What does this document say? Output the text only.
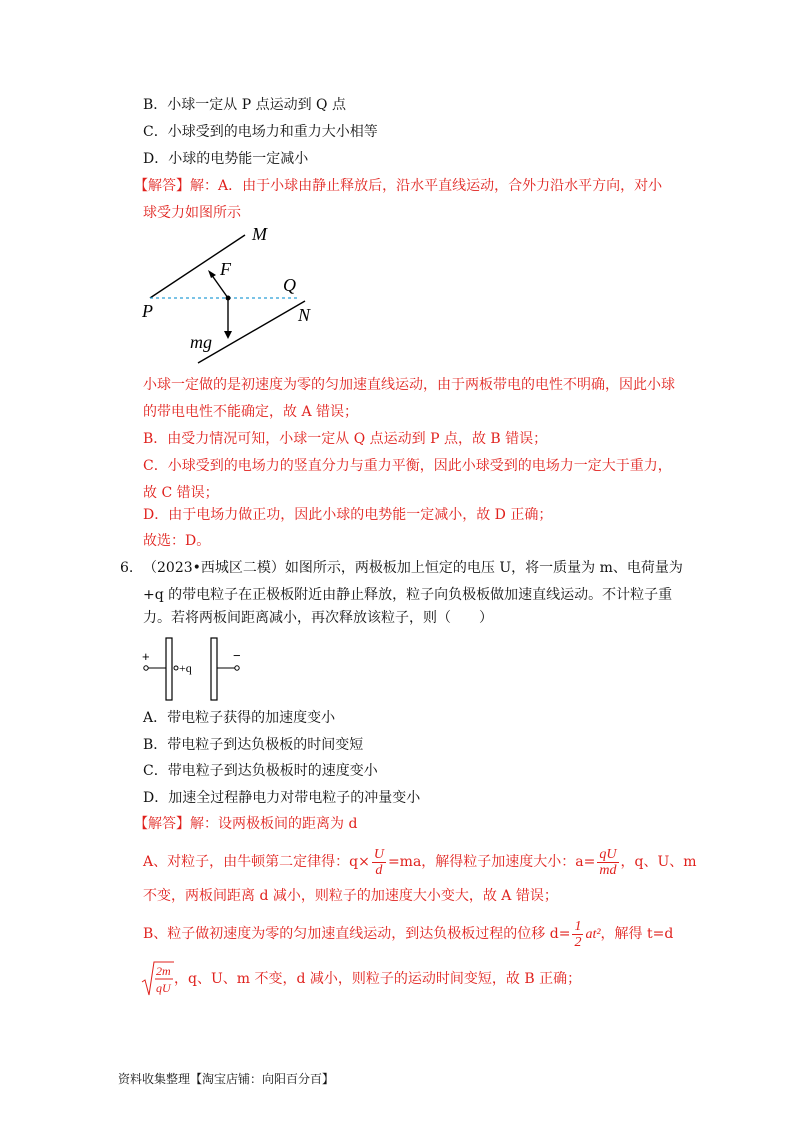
B．小球一定从 P 点运动到 Q 点
C．小球受到的电场力和重力大小相等
D．小球的电势能一定减小
【解答】解：A．由于小球由静止释放后，沿水平直线运动，合外力沿水平方向，对小
球受力如图所示
M
F
Q
P	N
mg
小球一定做的是初速度为零的匀加速直线运动，由于两板带电的电性不明确，因此小球
的带电电性不能确定，故 A 错误；
B．由受力情况可知，小球一定从 Q 点运动到 P 点，故 B 错误；
C．小球受到的电场力的竖直分力与重力平衡，因此小球受到的电场力一定大于重力，
故 C 错误；
D．由于电场力做正功，因此小球的电势能一定减小，故 D 正确；
故选：D。
6. （2023•西城区二模）如图所示，两极板加上恒定的电压 U，将一质量为 m、电荷量为
+q 的带电粒子在正极板附近由静止释放，粒子向负极板做加速直线运动。不计粒子重
力。若将两板间距离减小，再次释放该粒子，则（　　）
+
+q
−
A．带电粒子获得的加速度变小
B．带电粒子到达负极板的时间变短
C．带电粒子到达负极板时的速度变小
D．加速全过程静电力对带电粒子的冲量变小
【解答】解：设两极板间的距离为 d
A、对粒子，由牛顿第二定律得：$q\times \frac{U}{d} =ma$，解得粒子加速度大小：$a= \frac{qU}{md}$ ，q、U、m
不变，两板间距离 d 减小，则粒子的加速度大小变大，故 A 错误；
B、粒子做初速度为零的匀加速直线运动，到达负极板过程的位移 $d= \frac{1}{2} at^2$，解得 t=d
2m
qU
，q、U、m 不变，d 减小，则粒子的运动时间变短，故 B 正确；
资料收集整理【淘宝店铺：向阳百分百】
